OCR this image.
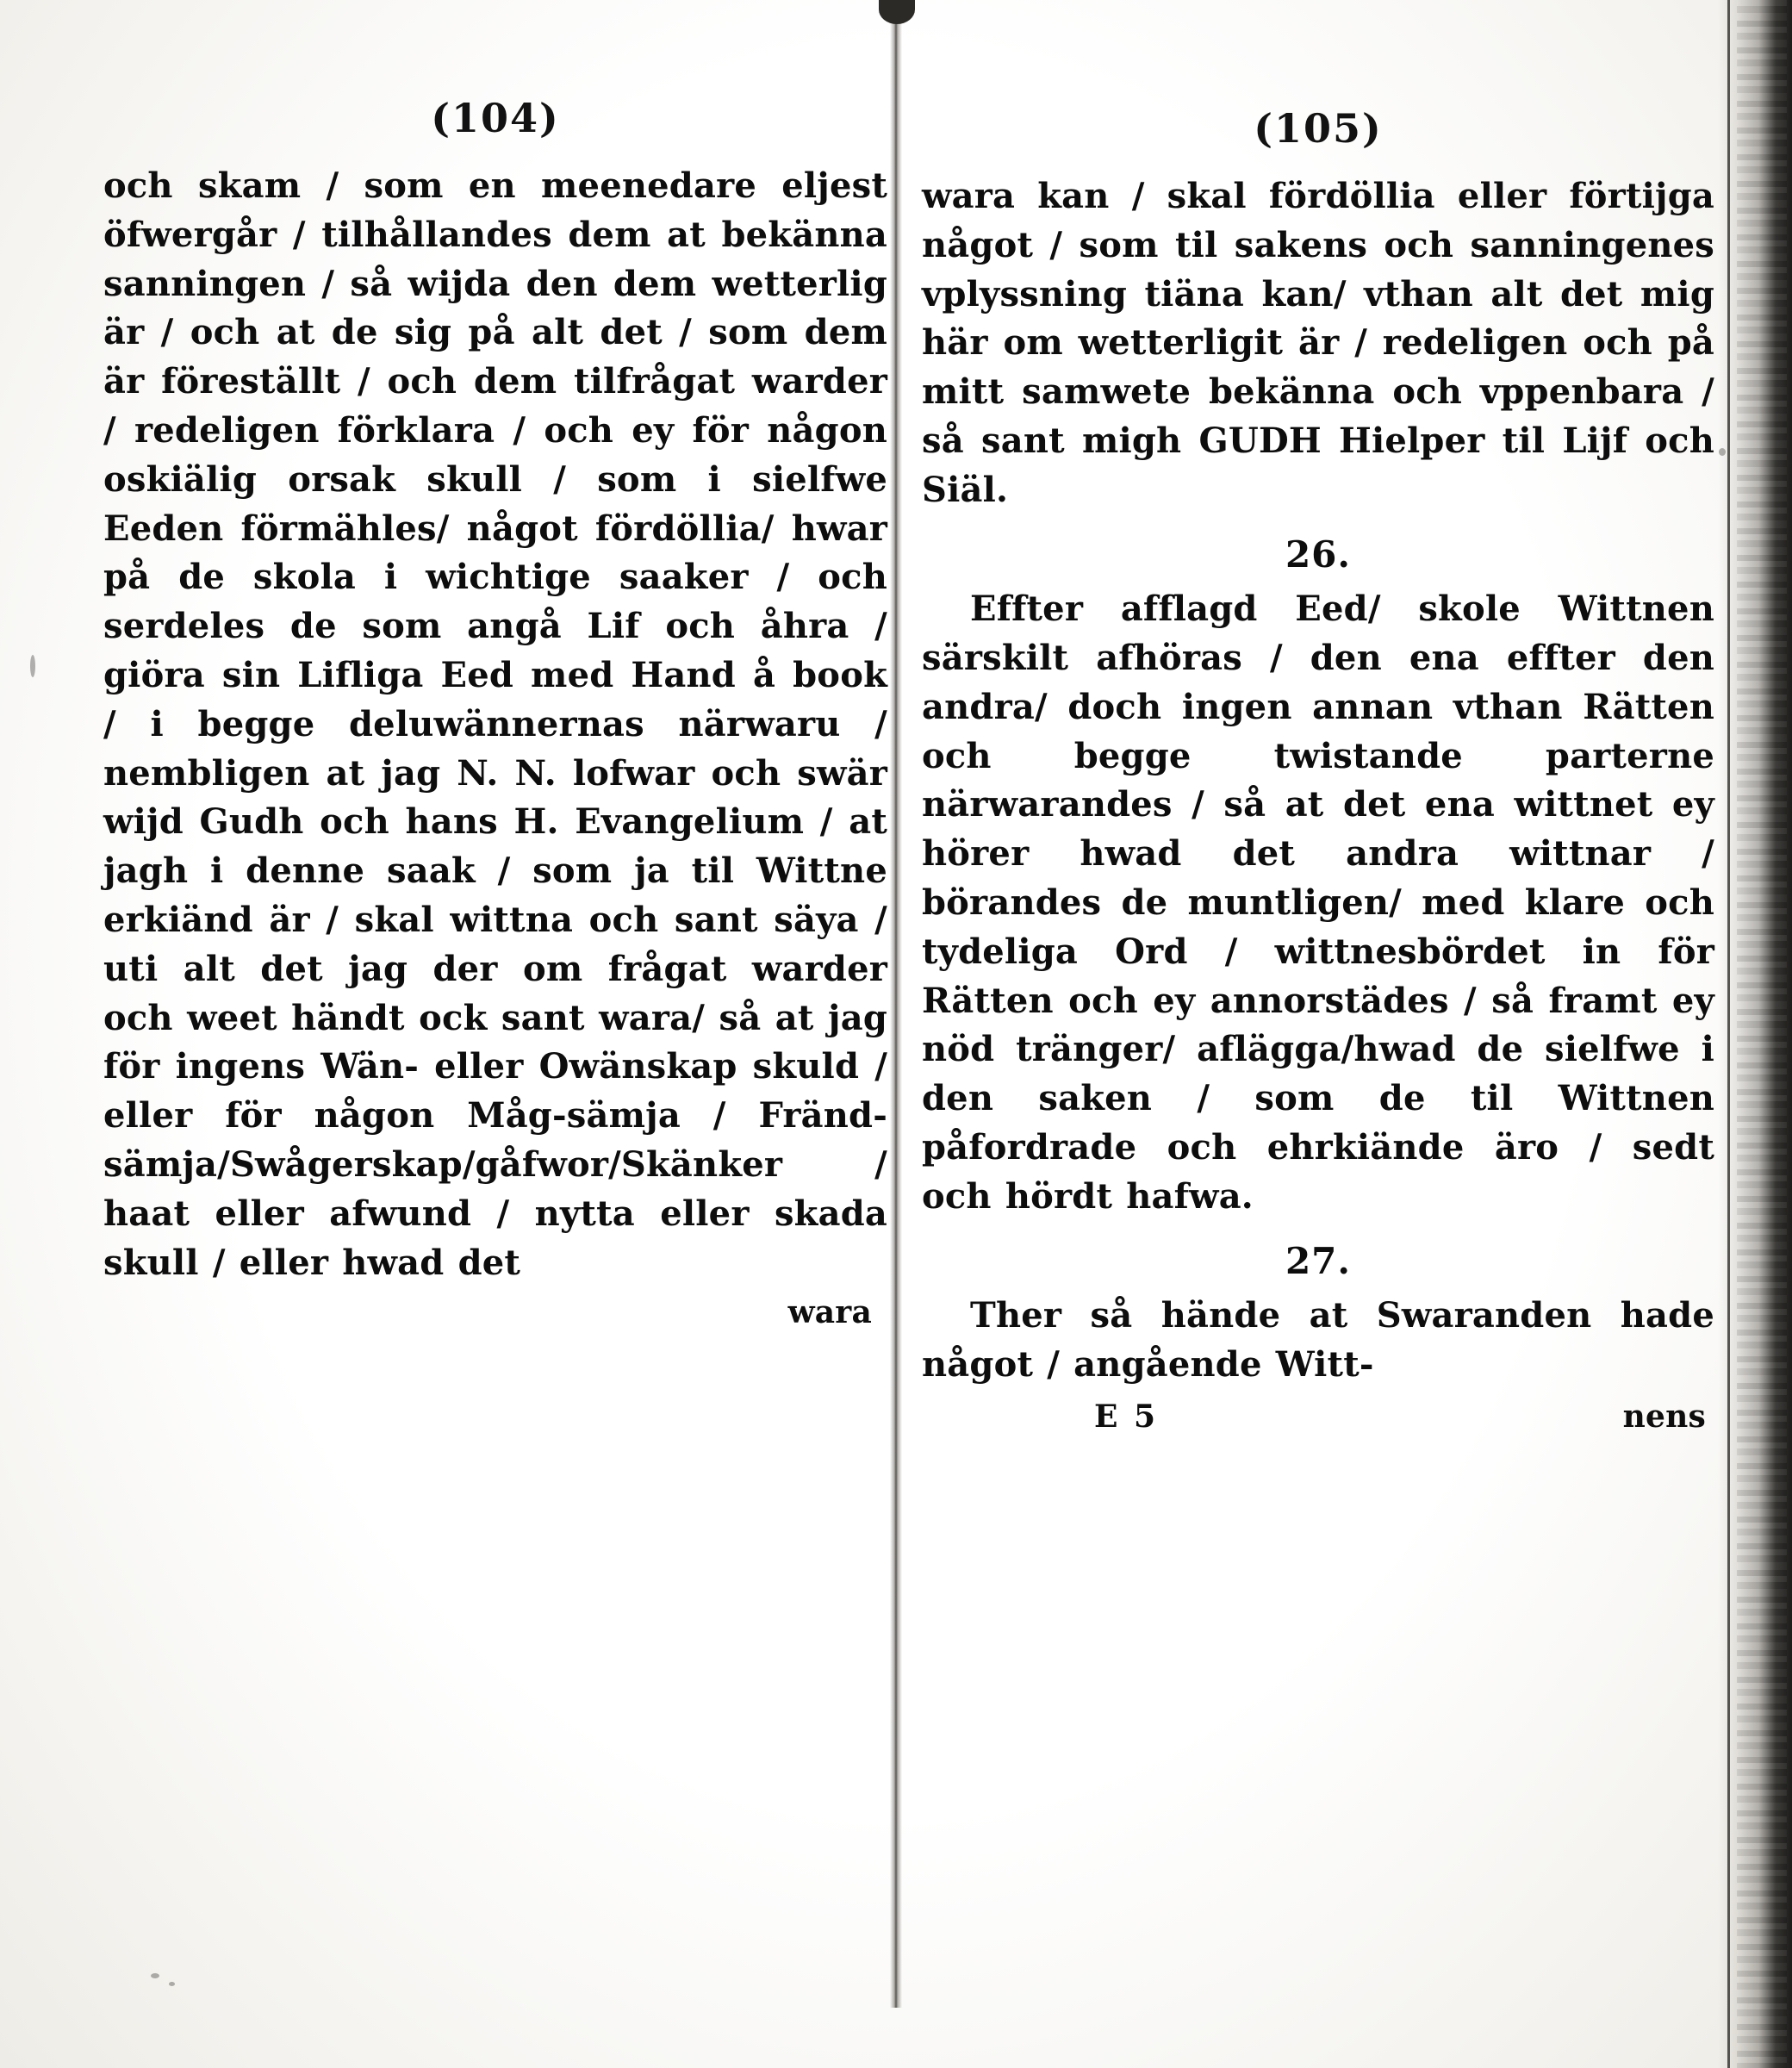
(104)

och skam / som en meenedare eljest öfwergår / tilhållandes dem at bekänna sanningen / så wijda den dem wetterlig är / och at de sig på alt det / som dem är föreställt / och dem tilfrågat warder / redeligen förklara / och ey för någon oskiälig orsak skull / som i sielfwe Eeden förmähles/ något fördöllia/ hwar på de skola i wichtige saaker / och serdeles de som angå Lif och åhra / giöra sin Lifliga Eed med Hand å book / i begge deluwännernas närwaru / nembligen at jag N. N. lofwar och swär wijd Gudh och hans H. Evangelium / at jagh i denne saak / som ja til Wittne erkiänd är / skal wittna och sant säya / uti alt det jag der om frågat warder och weet händt ock sant wara/ så at jag för ingens Wän- eller Owänskap skuld / eller för någon Måg-sämja / Fränd-sämja/Swågerskap/gåfwor/Skänker / haat eller afwund / nytta eller skada skull / eller hwad det

wara
(105)

wara kan / skal fördöllia eller förtijga något / som til sakens och sanningenes vplyssning tiäna kan/ vthan alt det mig här om wetterligit är / redeligen och på mitt samwete bekänna och vppenbara / så sant migh GUDH Hielper til Lijf och Siäl.

26.

Effter afflagd Eed/ skole Wittnen särskilt afhöras / den ena effter den andra/ doch ingen annan vthan Rätten och begge twistande parterne närwarandes / så at det ena wittnet ey hörer hwad det andra wittnar / börandes de muntligen/ med klare och tydeliga Ord / wittnesbördet in för Rätten och ey annorstädes / så framt ey nöd tränger/ aflägga/hwad de sielfwe i den saken / som de til Wittnen påfordrade och ehrkiände äro / sedt och hördt hafwa.

27.

Ther så hände at Swaranden hade något / angående Witt-

E 5	nens
